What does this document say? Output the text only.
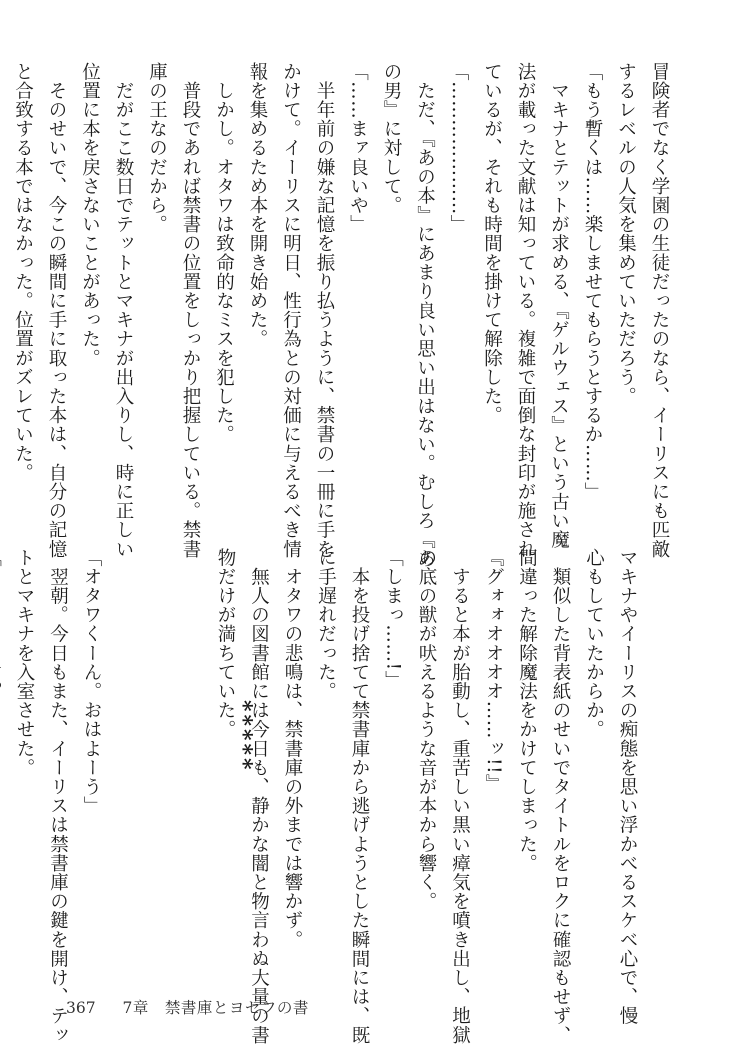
冒険者でなく学園の生徒だったのなら、イーリスにも匹敵
するレベルの人気を集めていただろう。
「もう暫くは……楽しませてもらうとするか……」
　マキナとテットが求める、『ゲルウェス』という古い魔
法が載った文献は知っている。複雑で面倒な封印が施され
ているが、それも時間を掛けて解除した。
「…………………」
　ただ、『あの本』にあまり良い思い出はない。むしろ『あ
の男』に対して。
「……まァ良いや」
　半年前の嫌な記憶を振り払うように、禁書の一冊に手を
かけて。イーリスに明日、性行為との対価に与えるべき情
報を集めるため本を開き始めた。
　しかし。オタワは致命的なミスを犯した。
　普段であれば禁書の位置をしっかり把握している。禁書
庫の王なのだから。
　だがここ数日でテットとマキナが出入りし、時に正しい
位置に本を戻さないことがあった。
　そのせいで、今この瞬間に手に取った本は、自分の記憶
と合致する本ではなかった。位置がズレていた。
*****	マキナやイーリスの痴態を思い浮かべるスケベ心で、慢
心もしていたからか。
　類似した背表紙のせいでタイトルをロクに確認もせず、
間違った解除魔法をかけてしまった。
『グォォオオオオ……ッ!!』
　すると本が胎動し、重苦しい黒い瘴気を噴き出し、地獄
の底の獣が吠えるような音が本から響く。
「しまっ……!」
　本を投げ捨てて禁書庫から逃げようとした瞬間には、既
に手遅れだった。
　オタワの悲鳴は、禁書庫の外までは響かず。
　無人の図書館には今日も、静かな闇と物言わぬ大量の書
物だけが満ちていた。

「オタワくーん。おはよーう」
　翌朝。今日もまた、イーリスは禁書庫の鍵を開け、テッ
トとマキナを入室させた。
367 7章　禁書庫とヨセフの書
